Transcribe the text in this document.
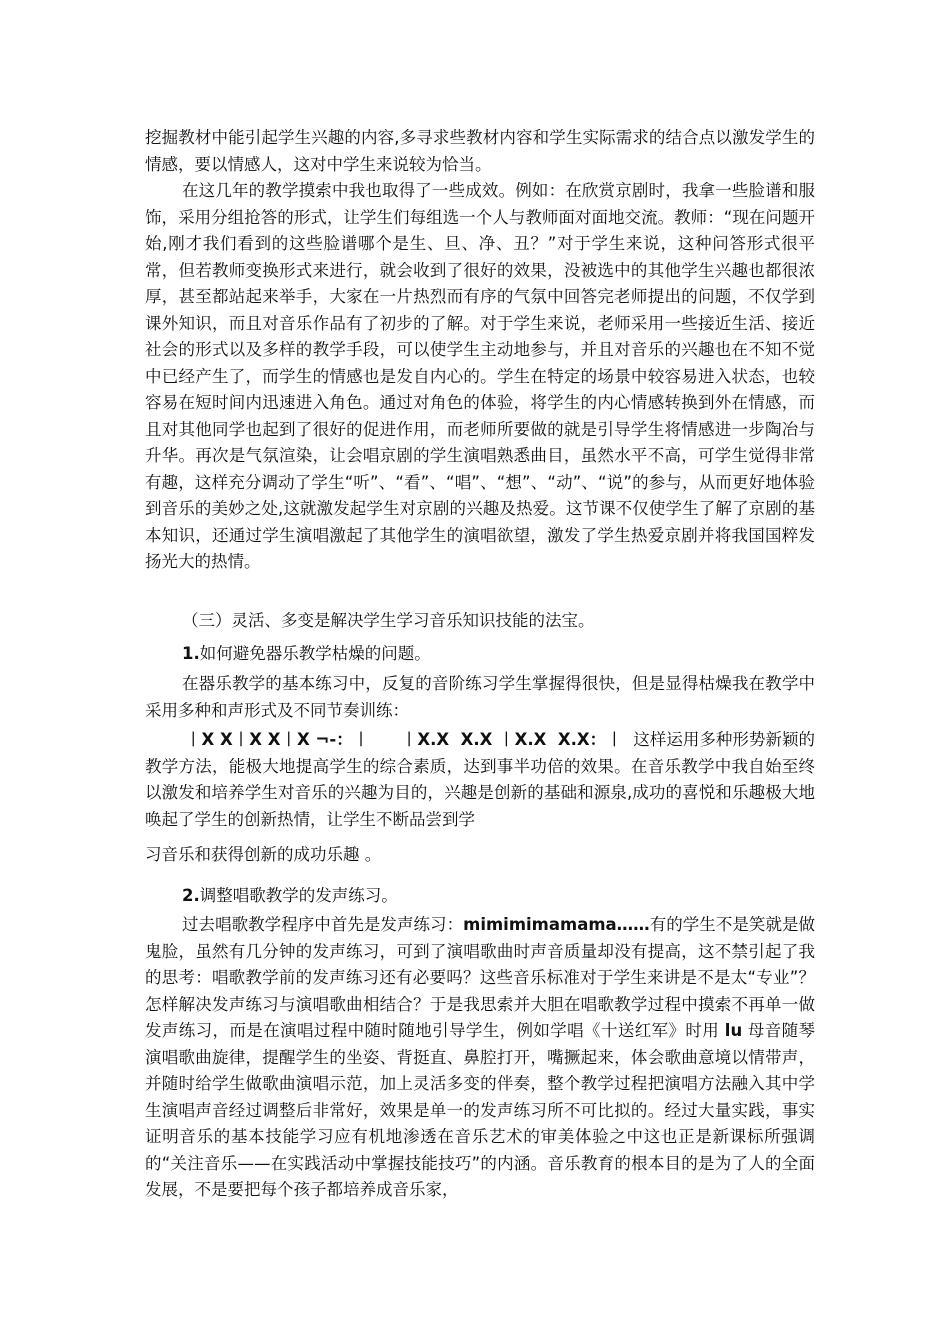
挖掘教材中能引起学生兴趣的内容,多寻求些教材内容和学生实际需求的结合点以激发学生的情感，要以情感人，这对中学生来说较为恰当。

在这几年的教学摸索中我也取得了一些成效。例如：在欣赏京剧时，我拿一些脸谱和服饰，采用分组抢答的形式，让学生们每组选一个人与教师面对面地交流。教师：“现在问题开始,刚才我们看到的这些脸谱哪个是生、旦、净、丑？”对于学生来说，这种问答形式很平常，但若教师变换形式来进行，就会收到了很好的效果，没被选中的其他学生兴趣也都很浓厚，甚至都站起来举手，大家在一片热烈而有序的气氛中回答完老师提出的问题，不仅学到课外知识，而且对音乐作品有了初步的了解。对于学生来说，老师采用一些接近生活、接近社会的形式以及多样的教学手段，可以使学生主动地参与，并且对音乐的兴趣也在不知不觉中已经产生了，而学生的情感也是发自内心的。学生在特定的场景中较容易进入状态，也较容易在短时间内迅速进入角色。通过对角色的体验，将学生的内心情感转换到外在情感，而且对其他同学也起到了很好的促进作用，而老师所要做的就是引导学生将情感进一步陶冶与升华。再次是气氛渲染，让会唱京剧的学生演唱熟悉曲目，虽然水平不高，可学生觉得非常有趣，这样充分调动了学生“听”、“看”、“唱”、“想”、“动”、“说”的参与，从而更好地体验到音乐的美妙之处,这就激发起学生对京剧的兴趣及热爱。这节课不仅使学生了解了京剧的基本知识，还通过学生演唱激起了其他学生的演唱欲望，激发了学生热爱京剧并将我国国粹发扬光大的热情。

（三）灵活、多变是解决学生学习音乐知识技能的法宝。

1.如何避免器乐教学枯燥的问题。

在器乐教学的基本练习中，反复的音阶练习学生掌握得很快，但是显得枯燥我在教学中采用多种和声形式及不同节奏训练：

︱X X︱X X︱X ¬-：︱ ︱X.X  X.X ︱X.X  X.X：︱ 这样运用多种形势新颖的教学方法，能极大地提高学生的综合素质，达到事半功倍的效果。在音乐教学中我自始至终以激发和培养学生对音乐的兴趣为目的，兴趣是创新的基础和源泉,成功的喜悦和乐趣极大地唤起了学生的创新热情，让学生不断品尝到学

习音乐和获得创新的成功乐趣 。

2.调整唱歌教学的发声练习。

过去唱歌教学程序中首先是发声练习：mimimimamama……有的学生不是笑就是做鬼脸，虽然有几分钟的发声练习，可到了演唱歌曲时声音质量却没有提高，这不禁引起了我的思考：唱歌教学前的发声练习还有必要吗？这些音乐标准对于学生来讲是不是太“专业”？怎样解决发声练习与演唱歌曲相结合？于是我思索并大胆在唱歌教学过程中摸索不再单一做发声练习，而是在演唱过程中随时随地引导学生，例如学唱《十送红军》时用 lu 母音随琴演唱歌曲旋律，提醒学生的坐姿、背挺直、鼻腔打开，嘴撅起来，体会歌曲意境以情带声，并随时给学生做歌曲演唱示范，加上灵活多变的伴奏，整个教学过程把演唱方法融入其中学生演唱声音经过调整后非常好，效果是单一的发声练习所不可比拟的。经过大量实践，事实证明音乐的基本技能学习应有机地渗透在音乐艺术的审美体验之中这也正是新课标所强调的“关注音乐——在实践活动中掌握技能技巧”的内涵。音乐教育的根本目的是为了人的全面发展，不是要把每个孩子都培养成音乐家，
